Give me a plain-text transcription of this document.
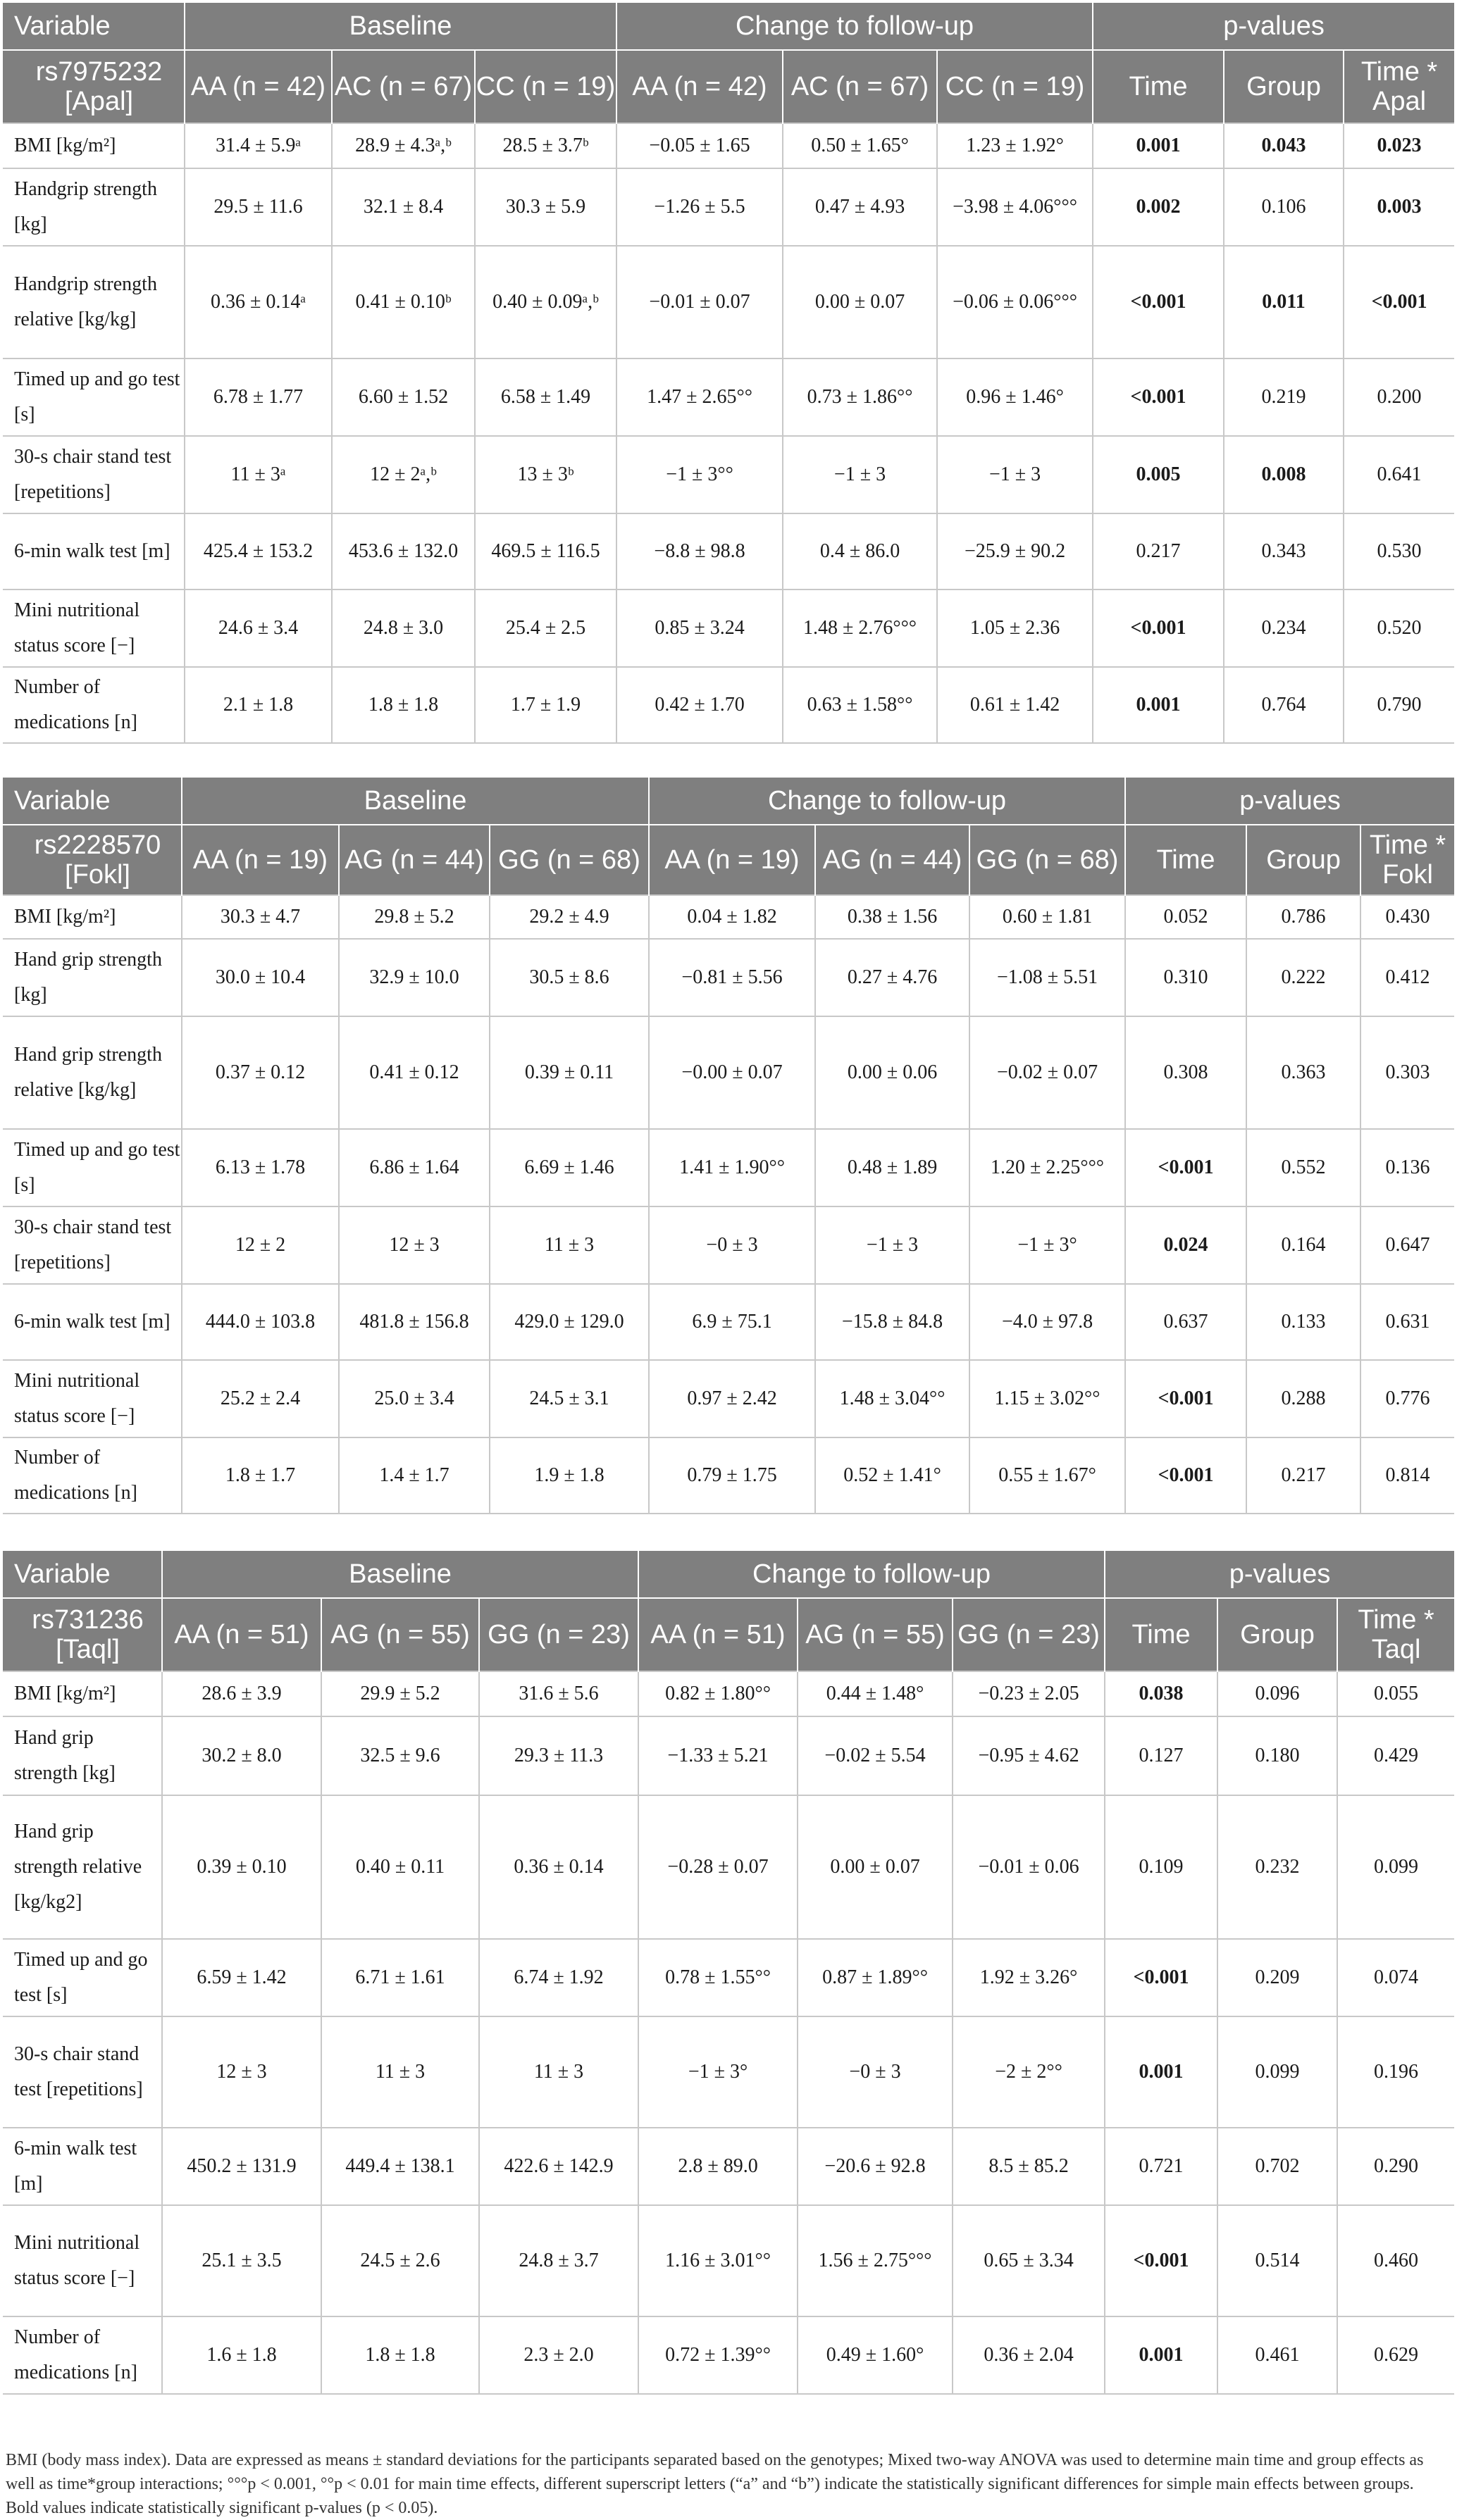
Variable	Baseline			Change to follow-up			p-values		
rs7975232 [Apal]	AA (n = 42)	AC (n = 67)	CC (n = 19)	AA (n = 42)	AC (n = 67)	CC (n = 19)	Time	Group	Time * Apal
BMI [kg/m²]	31.4 ± 5.9ᵃ	28.9 ± 4.3ᵃ,ᵇ	28.5 ± 3.7ᵇ	−0.05 ± 1.65	0.50 ± 1.65°	1.23 ± 1.92°	0.001	0.043	0.023
Handgrip strength [kg]	29.5 ± 11.6	32.1 ± 8.4	30.3 ± 5.9	−1.26 ± 5.5	0.47 ± 4.93	−3.98 ± 4.06°°°	0.002	0.106	0.003
Handgrip strength relative [kg/kg]	0.36 ± 0.14ᵃ	0.41 ± 0.10ᵇ	0.40 ± 0.09ᵃ,ᵇ	−0.01 ± 0.07	0.00 ± 0.07	−0.06 ± 0.06°°°	<0.001	0.011	<0.001
Timed up and go test [s]	6.78 ± 1.77	6.60 ± 1.52	6.58 ± 1.49	1.47 ± 2.65°°	0.73 ± 1.86°°	0.96 ± 1.46°	<0.001	0.219	0.200
30-s chair stand test [repetitions]	11 ± 3ᵃ	12 ± 2ᵃ,ᵇ	13 ± 3ᵇ	−1 ± 3°°	−1 ± 3	−1 ± 3	0.005	0.008	0.641
6-min walk test [m]	425.4 ± 153.2	453.6 ± 132.0	469.5 ± 116.5	−8.8 ± 98.8	0.4 ± 86.0	−25.9 ± 90.2	0.217	0.343	0.530
Mini nutritional status score [−]	24.6 ± 3.4	24.8 ± 3.0	25.4 ± 2.5	0.85 ± 3.24	1.48 ± 2.76°°°	1.05 ± 2.36	<0.001	0.234	0.520
Number of medications [n]	2.1 ± 1.8	1.8 ± 1.8	1.7 ± 1.9	0.42 ± 1.70	0.63 ± 1.58°°	0.61 ± 1.42	0.001	0.764	0.790
Variable	Baseline			Change to follow-up			p-values		
rs2228570 [Fokl]	AA (n = 19)	AG (n = 44)	GG (n = 68)	AA (n = 19)	AG (n = 44)	GG (n = 68)	Time	Group	Time * Fokl
BMI [kg/m²]	30.3 ± 4.7	29.8 ± 5.2	29.2 ± 4.9	0.04 ± 1.82	0.38 ± 1.56	0.60 ± 1.81	0.052	0.786	0.430
Hand grip strength [kg]	30.0 ± 10.4	32.9 ± 10.0	30.5 ± 8.6	−0.81 ± 5.56	0.27 ± 4.76	−1.08 ± 5.51	0.310	0.222	0.412
Hand grip strength relative [kg/kg]	0.37 ± 0.12	0.41 ± 0.12	0.39 ± 0.11	−0.00 ± 0.07	0.00 ± 0.06	−0.02 ± 0.07	0.308	0.363	0.303
Timed up and go test [s]	6.13 ± 1.78	6.86 ± 1.64	6.69 ± 1.46	1.41 ± 1.90°°	0.48 ± 1.89	1.20 ± 2.25°°°	<0.001	0.552	0.136
30-s chair stand test [repetitions]	12 ± 2	12 ± 3	11 ± 3	−0 ± 3	−1 ± 3	−1 ± 3°	0.024	0.164	0.647
6-min walk test [m]	444.0 ± 103.8	481.8 ± 156.8	429.0 ± 129.0	6.9 ± 75.1	−15.8 ± 84.8	−4.0 ± 97.8	0.637	0.133	0.631
Mini nutritional status score [−]	25.2 ± 2.4	25.0 ± 3.4	24.5 ± 3.1	0.97 ± 2.42	1.48 ± 3.04°°	1.15 ± 3.02°°	<0.001	0.288	0.776
Number of medications [n]	1.8 ± 1.7	1.4 ± 1.7	1.9 ± 1.8	0.79 ± 1.75	0.52 ± 1.41°	0.55 ± 1.67°	<0.001	0.217	0.814
Variable	Baseline			Change to follow-up			p-values		
rs731236 [Taql]	AA (n = 51)	AG (n = 55)	GG (n = 23)	AA (n = 51)	AG (n = 55)	GG (n = 23)	Time	Group	Time * Taql
BMI [kg/m²]	28.6 ± 3.9	29.9 ± 5.2	31.6 ± 5.6	0.82 ± 1.80°°	0.44 ± 1.48°	−0.23 ± 2.05	0.038	0.096	0.055
Hand grip strength [kg]	30.2 ± 8.0	32.5 ± 9.6	29.3 ± 11.3	−1.33 ± 5.21	−0.02 ± 5.54	−0.95 ± 4.62	0.127	0.180	0.429
Hand grip strength relative [kg/kg2]	0.39 ± 0.10	0.40 ± 0.11	0.36 ± 0.14	−0.28 ± 0.07	0.00 ± 0.07	−0.01 ± 0.06	0.109	0.232	0.099
Timed up and go test [s]	6.59 ± 1.42	6.71 ± 1.61	6.74 ± 1.92	0.78 ± 1.55°°	0.87 ± 1.89°°	1.92 ± 3.26°	<0.001	0.209	0.074
30-s chair stand test [repetitions]	12 ± 3	11 ± 3	11 ± 3	−1 ± 3°	−0 ± 3	−2 ± 2°°	0.001	0.099	0.196
6-min walk test [m]	450.2 ± 131.9	449.4 ± 138.1	422.6 ± 142.9	2.8 ± 89.0	−20.6 ± 92.8	8.5 ± 85.2	0.721	0.702	0.290
Mini nutritional status score [−]	25.1 ± 3.5	24.5 ± 2.6	24.8 ± 3.7	1.16 ± 3.01°°	1.56 ± 2.75°°°	0.65 ± 3.34	<0.001	0.514	0.460
Number of medications [n]	1.6 ± 1.8	1.8 ± 1.8	2.3 ± 2.0	0.72 ± 1.39°°	0.49 ± 1.60°	0.36 ± 2.04	0.001	0.461	0.629
BMI (body mass index). Data are expressed as means ± standard deviations for the participants separated based on the genotypes; Mixed two-way ANOVA was used to determine main time and group effects as well as time*group interactions; °°°p < 0.001, °°p < 0.01 for main time effects, different superscript letters (“a” and “b”) indicate the statistically significant differences for simple main effects between groups. Bold values indicate statistically significant p-values (p < 0.05).
